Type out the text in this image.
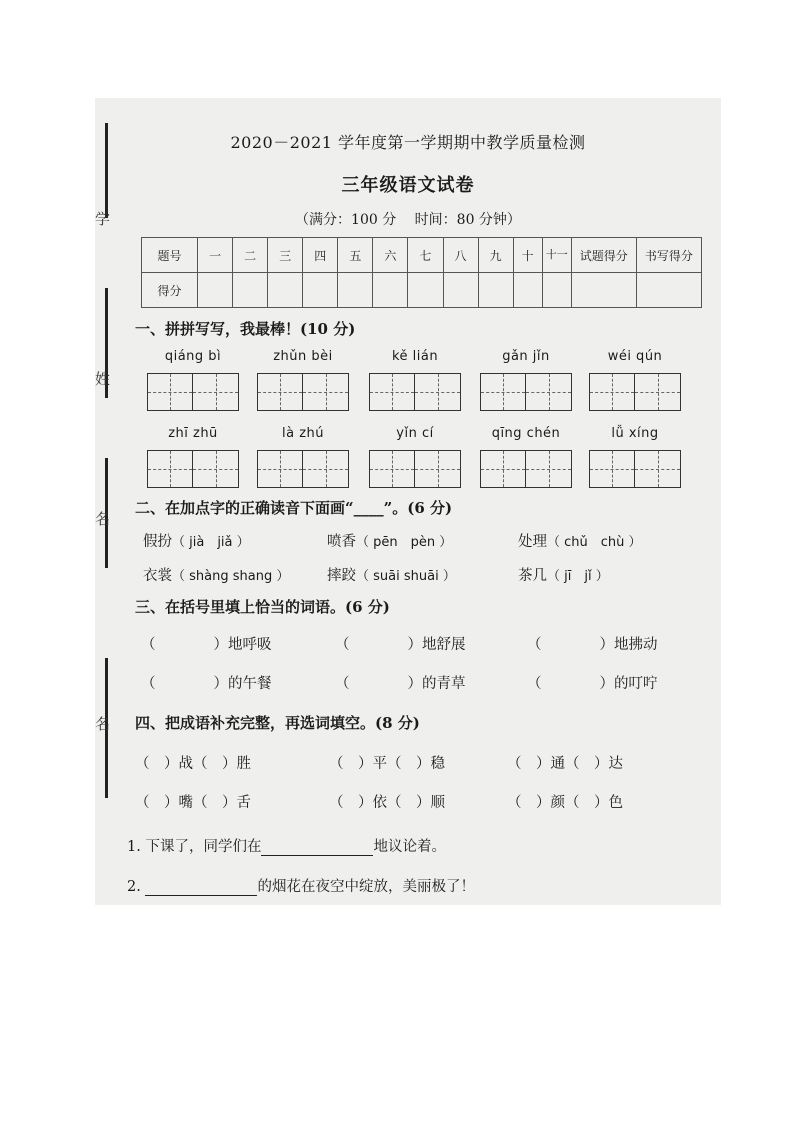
学
姓
名
名
2020－2021 学年度第一学期期中教学质量检测
三年级语文试卷
（满分：100 分　 时间：80 分钟）
题号	一	二	三	四	五	六	七	八	九	十	十一	试题得分	书写得分
得分													
一、拼拼写写，我最棒！(10 分)
qiáng bì	zhǔn bèi	kě lián	gǎn jǐn	wéi qún
zhī zhū	là zhú	yǐn cí	qīng chén	lǚ xíng
二、在加点字的正确读音下面画“____”。(6 分)
假扮（ jià　jiǎ ）	喷香（ pēn　pèn ）	处理（ chǔ　chù ）
衣裳（ shàng shang ）	摔跤（ suāi shuāi ）	茶几（ jī　jǐ ）
三、在括号里填上恰当的词语。(6 分)
（　　　　）地呼吸	（　　　　）地舒展	（　　　　）地拂动
（　　　　）的午餐	（　　　　）的青草	（　　　　）的叮咛
四、把成语补充完整，再选词填空。(8 分)
（　）战（　）胜	（　）平（　）稳	（　）通（　）达
（　）嘴（　）舌	（　）依（　）顺	（　）颜（　）色
1. 下课了，同学们在	地议论着。
2.	的烟花在夜空中绽放，美丽极了！
